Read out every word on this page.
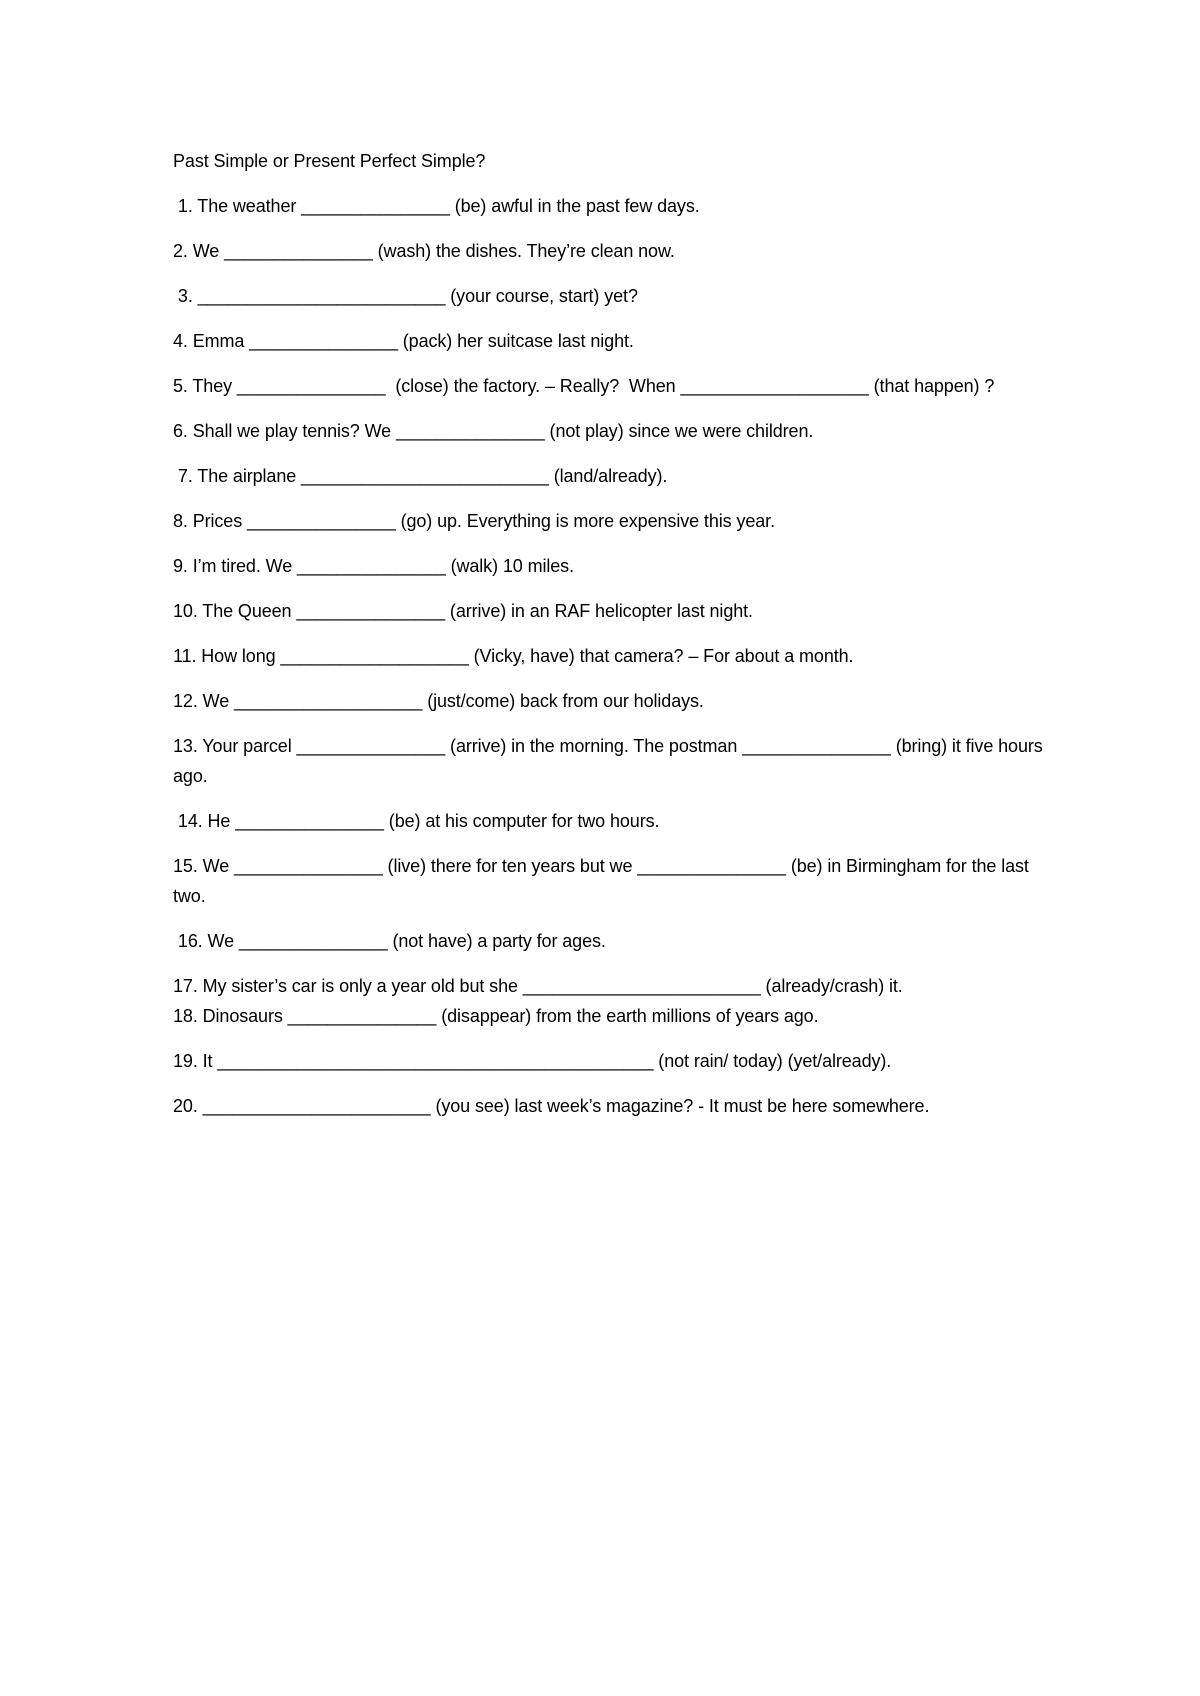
Past Simple or Present Perfect Simple?
1. The weather _______________ (be) awful in the past few days.
2. We _______________ (wash) the dishes. They’re clean now.
3. _________________________ (your course, start) yet?
4. Emma _______________ (pack) her suitcase last night.
5. They _______________  (close) the factory. – Really?  When ___________________ (that happen) ?
6. Shall we play tennis? We _______________ (not play) since we were children.
7. The airplane _________________________ (land/already).
8. Prices _______________ (go) up. Everything is more expensive this year.
9. I’m tired. We _______________ (walk) 10 miles.
10. The Queen _______________ (arrive) in an RAF helicopter last night.
11. How long ___________________ (Vicky, have) that camera? – For about a month.
12. We ___________________ (just/come) back from our holidays.
13. Your parcel _______________ (arrive) in the morning. The postman _______________ (bring) it five hours ago.
14. He _______________ (be) at his computer for two hours.
15. We _______________ (live) there for ten years but we _______________ (be) in Birmingham for the last two.
16. We _______________ (not have) a party for ages.
17. My sister’s car is only a year old but she ________________________ (already/crash) it.
18. Dinosaurs _______________ (disappear) from the earth millions of years ago.
19. It ____________________________________________ (not rain/ today) (yet/already).
20. _______________________ (you see) last week’s magazine? - It must be here somewhere.
